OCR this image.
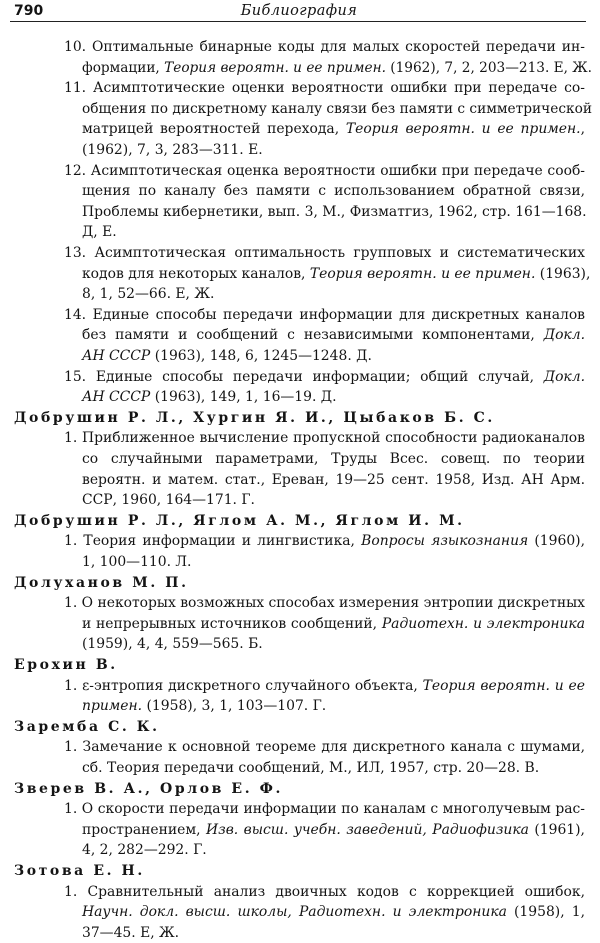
790	Библиография
10. Оптимальные бинарные коды для малых скоростей передачи ин-
формации, Теория вероятн. и ее примен. (1962), 7, 2, 203—213. Е, Ж.
11. Асимптотические оценки вероятности ошибки при передаче со-
общения по дискретному каналу связи без памяти с симметрической
матрицей вероятностей перехода, Теория вероятн. и ее примен.,
(1962), 7, 3, 283—311. Е.
12. Асимптотическая оценка вероятности ошибки при передаче сооб-
щения по каналу без памяти с использованием обратной связи,
Проблемы кибернетики, вып. 3, М., Физматгиз, 1962, стр. 161—168.
Д, Е.
13. Асимптотическая оптимальность групповых и систематических
кодов для некоторых каналов, Теория вероятн. и ее примен. (1963),
8, 1, 52—66. Е, Ж.
14. Единые способы передачи информации для дискретных каналов
без памяти и сообщений с независимыми компонентами, Докл.
АН СССР (1963), 148, 6, 1245—1248. Д.
15. Единые способы передачи информации; общий случай, Докл.
АН СССР (1963), 149, 1, 16—19. Д.
Добрушин Р. Л., Хургин Я. И., Цыбаков Б. С.
1. Приближенное вычисление пропускной способности радиоканалов
со случайными параметрами, Труды Всес. совещ. по теории
вероятн. и матем. стат., Ереван, 19—25 сент. 1958, Изд. АН Арм.
ССР, 1960, 164—171. Г.
Добрушин Р. Л., Яглом А. М., Яглом И. М.
1. Теория информации и лингвистика, Вопросы языкознания (1960),
1, 100—110. Л.
Долуханов М. П.
1. О некоторых возможных способах измерения энтропии дискретных
и непрерывных источников сообщений, Радиотехн. и электроника
(1959), 4, 4, 559—565. Б.
Ерохин В.
1. ε-энтропия дискретного случайного объекта, Теория вероятн. и ее
примен. (1958), 3, 1, 103—107. Г.
Заремба С. К.
1. Замечание к основной теореме для дискретного канала с шумами,
сб. Теория передачи сообщений, М., ИЛ, 1957, стр. 20—28. В.
Зверев В. А., Орлов Е. Ф.
1. О скорости передачи информации по каналам с многолучевым рас-
пространением, Изв. высш. учебн. заведений, Радиофизика (1961),
4, 2, 282—292. Г.
Зотова Е. Н.
1. Сравнительный анализ двоичных кодов с коррекцией ошибок,
Научн. докл. высш. школы, Радиотехн. и электроника (1958), 1,
37—45. Е, Ж.
